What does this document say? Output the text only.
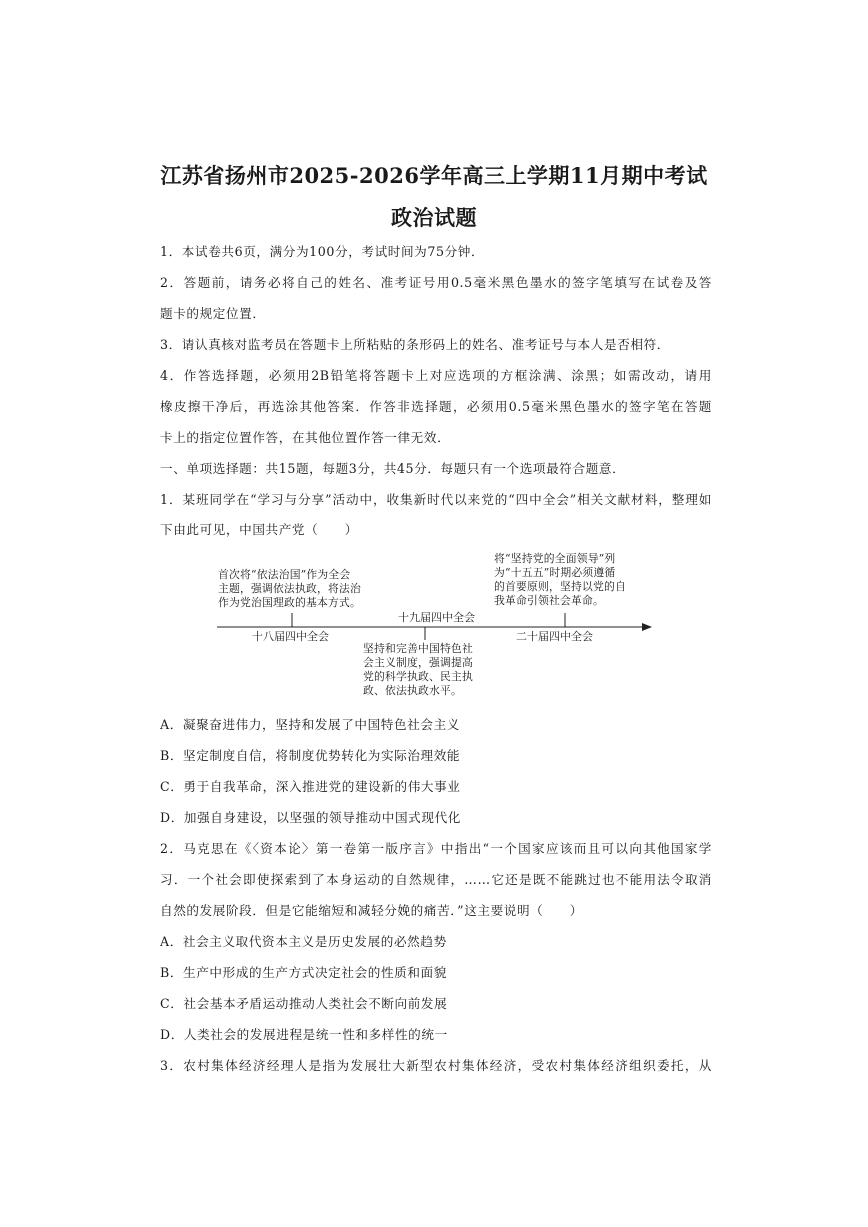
江苏省扬州市2025-2026学年高三上学期11月期中考试
政治试题
1．本试卷共6页，满分为100分，考试时间为75分钟．
2．答题前，请务必将自己的姓名、准考证号用0.5毫米黑色墨水的签字笔填写在试卷及答
题卡的规定位置．
3．请认真核对监考员在答题卡上所粘贴的条形码上的姓名、准考证号与本人是否相符．
4．作答选择题，必须用2B铅笔将答题卡上对应选项的方框涂满、涂黑；如需改动，请用
橡皮擦干净后，再选涂其他答案．作答非选择题，必须用0.5毫米黑色墨水的签字笔在答题
卡上的指定位置作答，在其他位置作答一律无效．
一、单项选择题：共15题，每题3分，共45分．每题只有一个选项最符合题意．
1．某班同学在“学习与分享”活动中，收集新时代以来党的“四中全会”相关文献材料，整理如
下由此可见，中国共产党（　　）
首次将“依法治国”作为全会
主题，强调依法执政，将法治
作为党治国理政的基本方式。
将“坚持党的全面领导”列
为“十五五”时期必须遵循
的首要原则，坚持以党的自
我革命引领社会革命。
十九届四中全会
十八届四中全会	二十届四中全会
坚持和完善中国特色社
会主义制度，强调提高
党的科学执政、民主执
政、依法执政水平。
A．凝聚奋进伟力，坚持和发展了中国特色社会主义
B．坚定制度自信，将制度优势转化为实际治理效能
C．勇于自我革命，深入推进党的建设新的伟大事业
D．加强自身建设，以坚强的领导推动中国式现代化
2．马克思在《〈资本论〉第一卷第一版序言》中指出“一个国家应该而且可以向其他国家学
习．一个社会即使探索到了本身运动的自然规律，……它还是既不能跳过也不能用法令取消
自然的发展阶段．但是它能缩短和减轻分娩的痛苦．”这主要说明（　　）
A．社会主义取代资本主义是历史发展的必然趋势
B．生产中形成的生产方式决定社会的性质和面貌
C．社会基本矛盾运动推动人类社会不断向前发展
D．人类社会的发展进程是统一性和多样性的统一
3．农村集体经济经理人是指为发展壮大新型农村集体经济，受农村集体经济组织委托，从
